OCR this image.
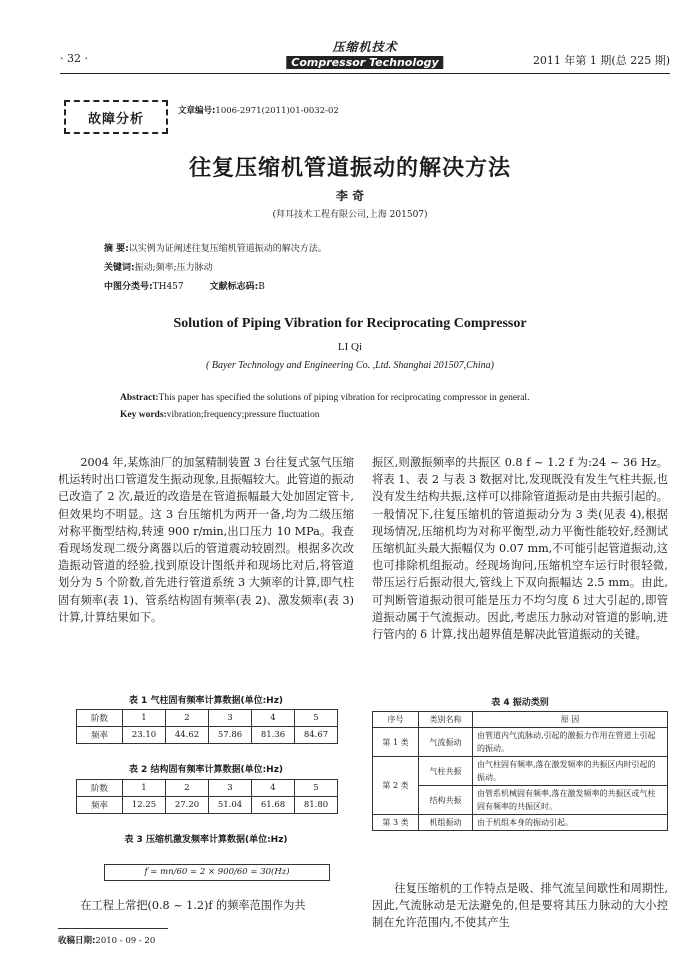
· 32 ·
压缩机技术
Compressor Technology	2011 年第 1 期(总 225 期)
故障分析
文章编号:1006-2971(2011)01-0032-02
往复压缩机管道振动的解决方法
李 奇
(拜耳技术工程有限公司,上海 201507)
摘 要:以实例为证阐述往复压缩机管道振动的解决方法。
关键词:振动;频率;压力脉动
中图分类号:TH457	文献标志码:B
Solution of Piping Vibration for Reciprocating Compressor
LI Qi
( Bayer Technology and Engineering Co. ,Ltd. Shanghai 201507,China)
Abstract:This paper has specified the solutions of piping vibration for reciprocating compressor in general.
Key words:vibration;frequency;pressure fluctuation
2004 年,某炼油厂的加氢精制装置 3 台往复式氢气压缩机运转时出口管道发生振动现象,且振幅较大。此管道的振动已改造了 2 次,最近的改造是在管道振幅最大处加固定管卡,但效果均不明显。这 3 台压缩机为两开一备,均为二级压缩对称平衡型结构,转速 900 r/min,出口压力 10 MPa。我查看现场发现二级分离器以后的管道震动较剧烈。根据多次改造振动管道的经验,找到原设计图纸并和现场比对后,将管道划分为 5 个阶数,首先进行管道系统 3 大频率的计算,即气柱固有频率(表 1)、管系结构固有频率(表 2)、激发频率(表 3)计算,计算结果如下。
表 1 气柱固有频率计算数据(单位:Hz)
阶数	1	2	3	4	5
频率	23.10	44.62	57.86	81.36	84.67
表 2 结构固有频率计算数据(单位:Hz)
阶数	1	2	3	4	5
频率	12.25	27.20	51.04	61.68	81.80
表 3 压缩机激发频率计算数据(单位:Hz)
f = mn/60 = 2 × 900/60 = 30(Hz)
在工程上常把(0.8 ~ 1.2)f 的频率范围作为共
收稿日期:2010 - 09 - 20
振区,则激振频率的共振区 0.8 f ~ 1.2 f 为:24 ~ 36 Hz。将表 1、表 2 与表 3 数据对比,发现既没有发生气柱共振,也没有发生结构共振,这样可以排除管道振动是由共振引起的。一般情况下,往复压缩机的管道振动分为 3 类(见表 4),根据现场情况,压缩机均为对称平衡型,动力平衡性能较好,经测试压缩机缸头最大振幅仅为 0.07 mm,不可能引起管道振动,这也可排除机组振动。经现场询问,压缩机空车运行时很轻微,带压运行后振动很大,管线上下双向振幅达 2.5 mm。由此,可判断管道振动很可能是压力不均匀度 δ 过大引起的,即管道振动属于气流振动。因此,考虑压力脉动对管道的影响,进行管内的 δ 计算,找出超界值是解决此管道振动的关键。
表 4 振动类别
序号	类别名称	原 因
第 1 类	气流振动	由管道内气流脉动,引起的激振力作用在管道上引起的振动。
第 2 类	气柱共振	由气柱固有频率,落在激发频率的共振区内时引起的振动。
	结构共振	由管系机械固有频率,落在激发频率的共振区或气柱固有频率的共振区时。
第 3 类	机组振动	由于机组本身的振动引起。
往复压缩机的工作特点是吸、排气流呈间歇性和周期性,因此,气流脉动是无法避免的,但是要将其压力脉动的大小控制在允许范围内,不使其产生
